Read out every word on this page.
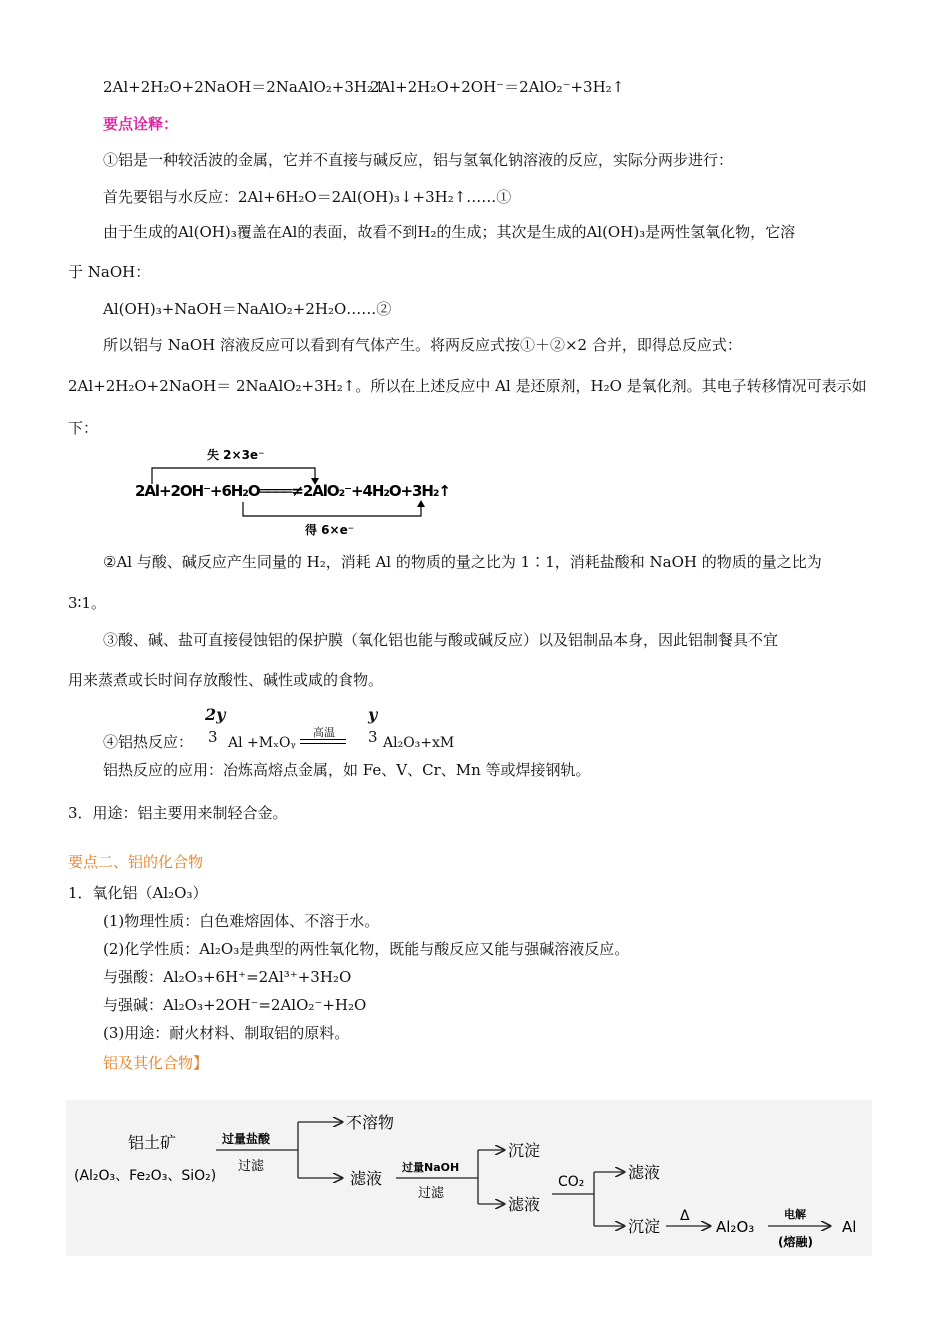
2Al+2H₂O+2NaOH＝2NaAlO₂+3H₂↑
2Al+2H₂O+2OH⁻＝2AlO₂⁻+3H₂↑
要点诠释：
①铝是一种较活波的金属，它并不直接与碱反应，铝与氢氧化钠溶液的反应，实际分两步进行：
首先要铝与水反应：2Al+6H₂O＝2Al(OH)₃↓+3H₂↑……①
由于生成的Al(OH)₃覆盖在Al的表面，故看不到H₂的生成；其次是生成的Al(OH)₃是两性氢氧化物，它溶
于 NaOH：
Al(OH)₃+NaOH＝NaAlO₂+2H₂O……②
所以铝与 NaOH 溶液反应可以看到有气体产生。将两反应式按①＋②×2 合并，即得总反应式：
2Al+2H₂O+2NaOH＝ 2NaAlO₂+3H₂↑。所以在上述反应中 Al 是还原剂，H₂O 是氧化剂。其电子转移情况可表示如
下：
失 2×3e⁻
2Al+2OH⁻+6H₂O════≠2AlO₂⁻+4H₂O+3H₂↑
得 6×e⁻
②Al 与酸、碱反应产生同量的 H₂，消耗 Al 的物质的量之比为 1∶1，消耗盐酸和 NaOH 的物质的量之比为
3∶1。
③酸、碱、盐可直接侵蚀铝的保护膜（氧化铝也能与酸或碱反应）以及铝制品本身，因此铝制餐具不宜
用来蒸煮或长时间存放酸性、碱性或咸的食物。
④铝热反应：
2y
3 Al +MₓOᵧ
高温
y
3 Al₂O₃+xM
铝热反应的应用：冶炼高熔点金属，如 Fe、V、Cr、Mn 等或焊接钢轨。
3．用途：铝主要用来制轻合金。
要点二、铝的化合物
1．氧化铝（Al₂O₃）
(1)物理性质：白色难熔固体、不溶于水。
(2)化学性质：Al₂O₃是典型的两性氧化物，既能与酸反应又能与强碱溶液反应。
与强酸：Al₂O₃+6H⁺=2Al³⁺+3H₂O
与强碱：Al₂O₃+2OH⁻=2AlO₂⁻+H₂O
(3)用途：耐火材料、制取铝的原料。
铝及其化合物】
铝土矿
(Al₂O₃、Fe₂O₃、SiO₂)
过量盐酸
过滤
不溶物
滤液
过量NaOH
过滤
沉淀
滤液
CO₂	滤液
沉淀
Δ
Al₂O₃
电解
(熔融)
Al
